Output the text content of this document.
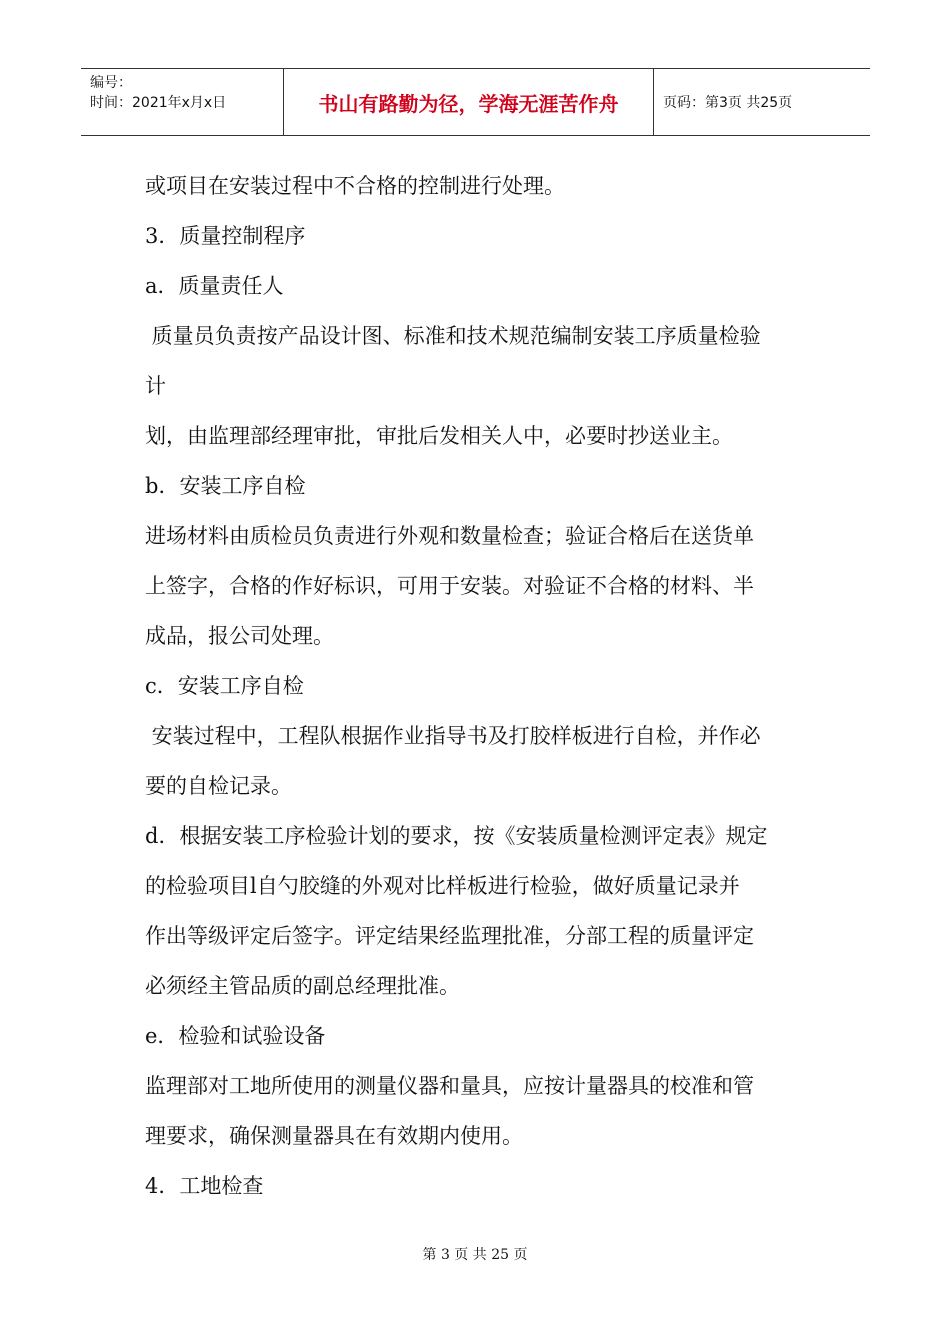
编号：
时间：2021年x月x日	书山有路勤为径，学海无涯苦作舟	页码：第3页 共25页

或项目在安装过程中不合格的控制进行处理。

3．质量控制程序

a．质量责任人

质量员负责按产品设计图、标准和技术规范编制安装工序质量检验

计

划，由监理部经理审批，审批后发相关人中，必要时抄送业主。

b．安装工序自检

进场材料由质检员负责进行外观和数量检查；验证合格后在送货单

上签字，合格的作好标识，可用于安装。对验证不合格的材料、半

成品，报公司处理。

c．安装工序自检

安装过程中，工程队根据作业指导书及打胶样板进行自检，并作必

要的自检记录。

d．根据安装工序检验计划的要求，按《安装质量检测评定表》规定

的检验项目l自勺胶缝的外观对比样板进行检验，做好质量记录并

作出等级评定后签字。评定结果经监理批准，分部工程的质量评定

必须经主管品质的副总经理批准。

e．检验和试验设备

监理部对工地所使用的测量仪器和量具，应按计量器具的校准和管

理要求，确保测量器具在有效期内使用。

4．工地检查

第 3 页 共 25 页
